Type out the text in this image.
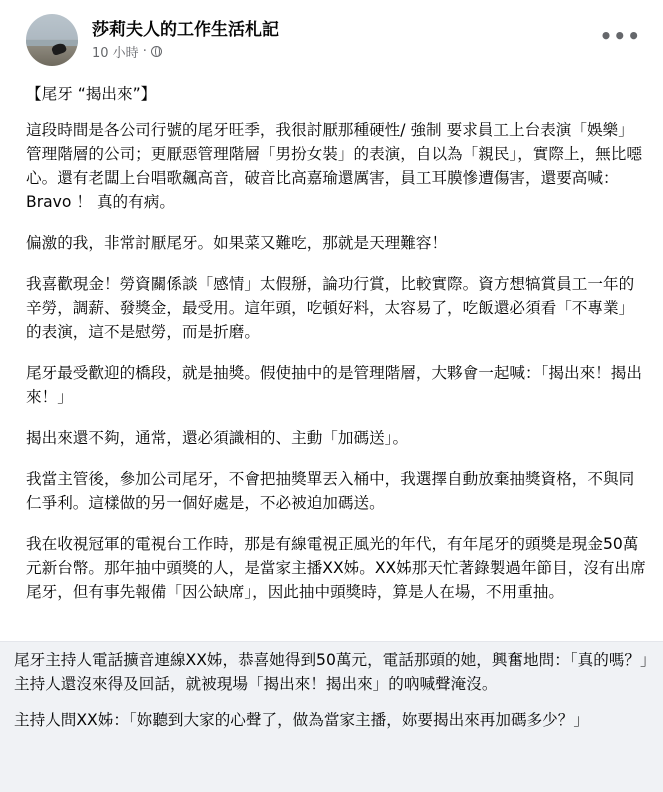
莎莉夫人的工作生活札記
10 小時 ·
•••

【尾牙 “揭出來”】

這段時間是各公司行號的尾牙旺季，我很討厭那種硬性/ 強制 要求員工上台表演「娛樂」管理階層的公司；更厭惡管理階層「男扮女裝」的表演，自以為「親民」，實際上，無比噁心。還有老闆上台唱歌飆高音，破音比高嘉瑜還厲害，員工耳膜慘遭傷害，還要高喊：Bravo ！ 真的有病。

偏激的我，非常討厭尾牙。如果菜又難吃，那就是天理難容！

我喜歡現金！勞資關係談「感情」太假掰，論功行賞，比較實際。資方想犒賞員工一年的辛勞，調薪、發獎金，最受用。這年頭，吃頓好料，太容易了，吃飯還必須看「不專業」的表演，這不是慰勞，而是折磨。

尾牙最受歡迎的橋段，就是抽獎。假使抽中的是管理階層，大夥會一起喊：「揭出來！揭出來！」

揭出來還不夠，通常，還必須識相的、主動「加碼送」。

我當主管後，參加公司尾牙，不會把抽獎單丟入桶中，我選擇自動放棄抽獎資格，不與同仁爭利。這樣做的另一個好處是，不必被迫加碼送。

我在收視冠軍的電視台工作時，那是有線電視正風光的年代，有年尾牙的頭獎是現金50萬元新台幣。那年抽中頭獎的人，是當家主播XX姊。XX姊那天忙著錄製過年節目，沒有出席尾牙，但有事先報備「因公缺席」，因此抽中頭獎時，算是人在場，不用重抽。

尾牙主持人電話擴音連線XX姊，恭喜她得到50萬元，電話那頭的她，興奮地問：「真的嗎？」主持人還沒來得及回話，就被現場「揭出來！揭出來」的吶喊聲淹沒。

主持人問XX姊：「妳聽到大家的心聲了，做為當家主播，妳要揭出來再加碼多少？」
